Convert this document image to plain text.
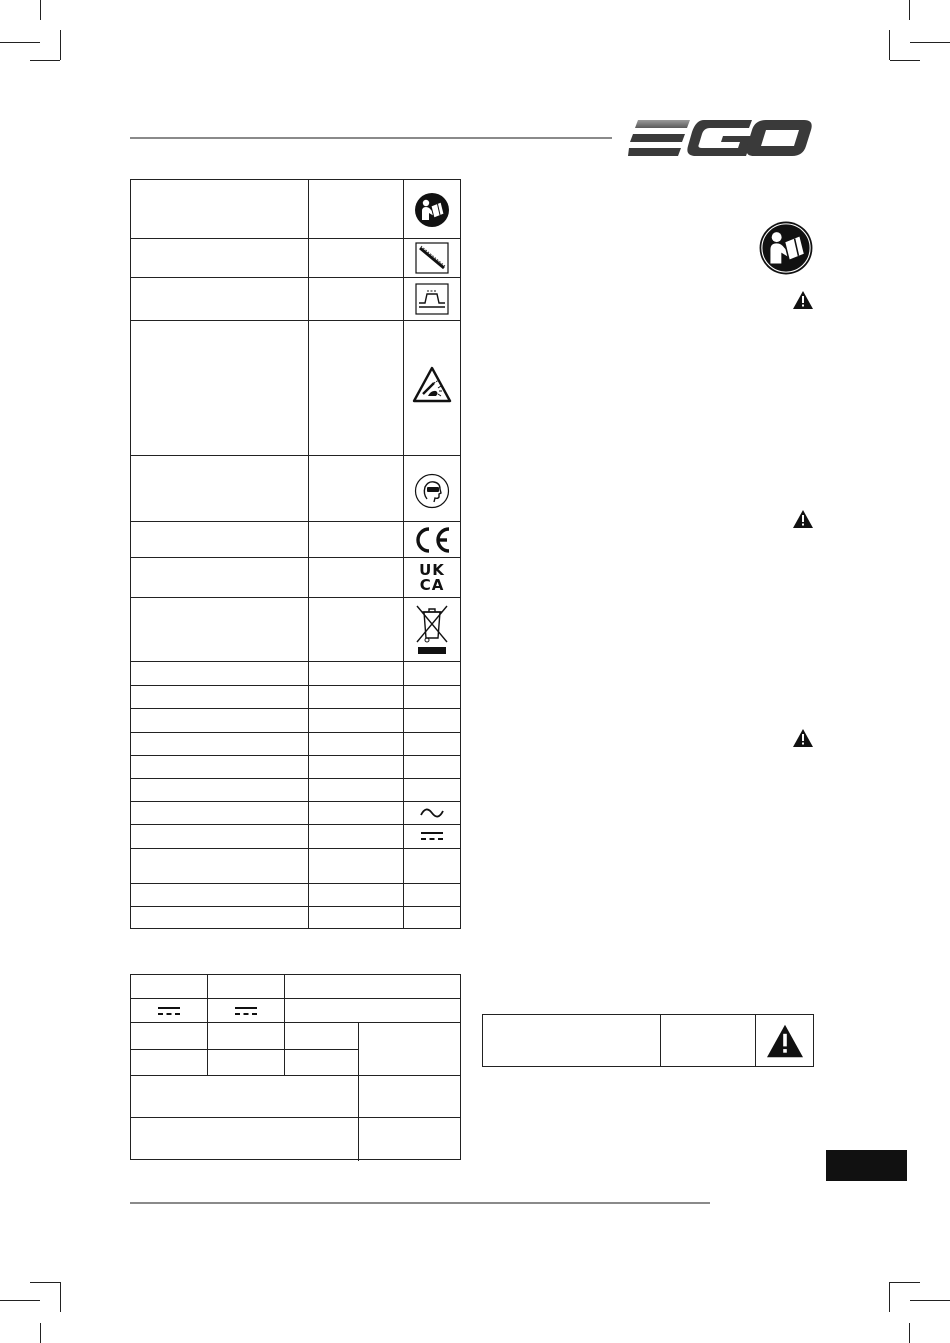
UK
CA
